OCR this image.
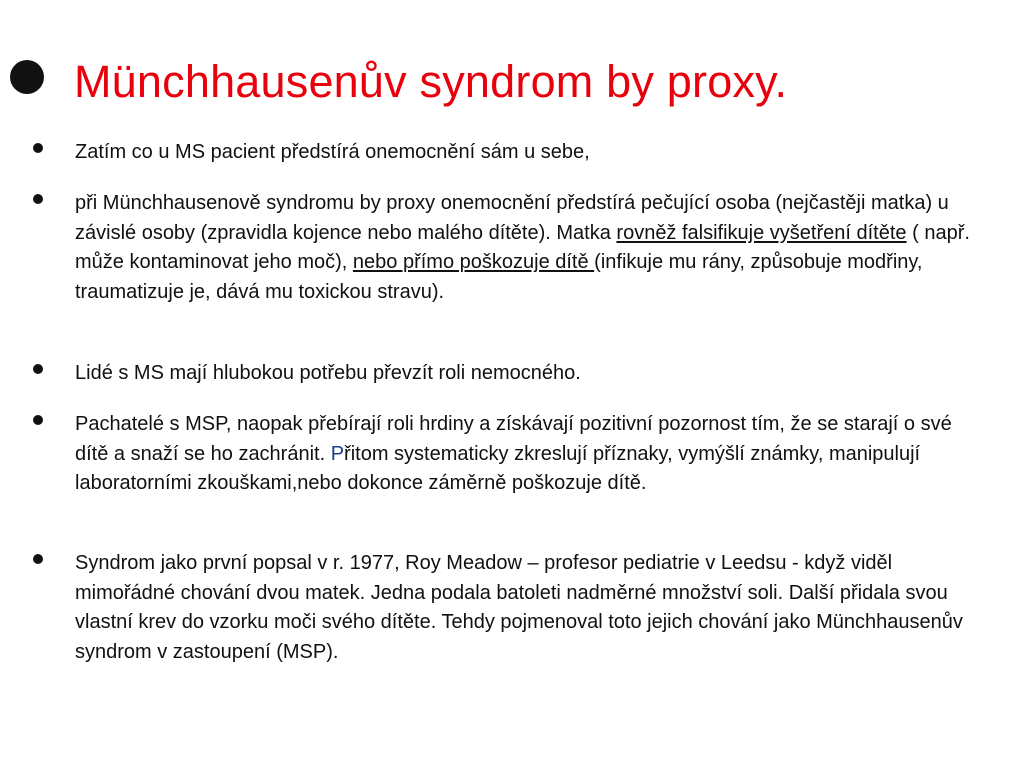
Münchhausenův syndrom by proxy.
Zatím co u MS pacient předstírá onemocnění sám u sebe,
při Münchhausenově syndromu by proxy onemocnění předstírá pečující osoba (nejčastěji matka) u závislé osoby (zpravidla kojence nebo malého dítěte). Matka rovněž falsifikuje vyšetření dítěte ( např. může kontaminovat jeho moč), nebo přímo poškozuje dítě (infikuje mu rány, způsobuje modřiny, traumatizuje je, dává mu toxickou stravu).
Lidé s MS mají hlubokou potřebu převzít roli nemocného.
Pachatelé s MSP, naopak přebírají roli hrdiny a získávají pozitivní pozornost tím, že se starají o své dítě a snaží se ho zachránit. Přitom systematicky zkreslují příznaky, vymýšlí známky, manipulují laboratorními zkouškami,nebo dokonce záměrně poškozuje dítě.
Syndrom jako první popsal v r. 1977, Roy Meadow – profesor pediatrie v Leedsu - když viděl mimořádné chování dvou matek. Jedna podala batoleti nadměrné množství soli. Další přidala svou vlastní krev do vzorku moči svého dítěte. Tehdy pojmenoval toto jejich chování jako Münchhausenův syndrom v zastoupení (MSP).
